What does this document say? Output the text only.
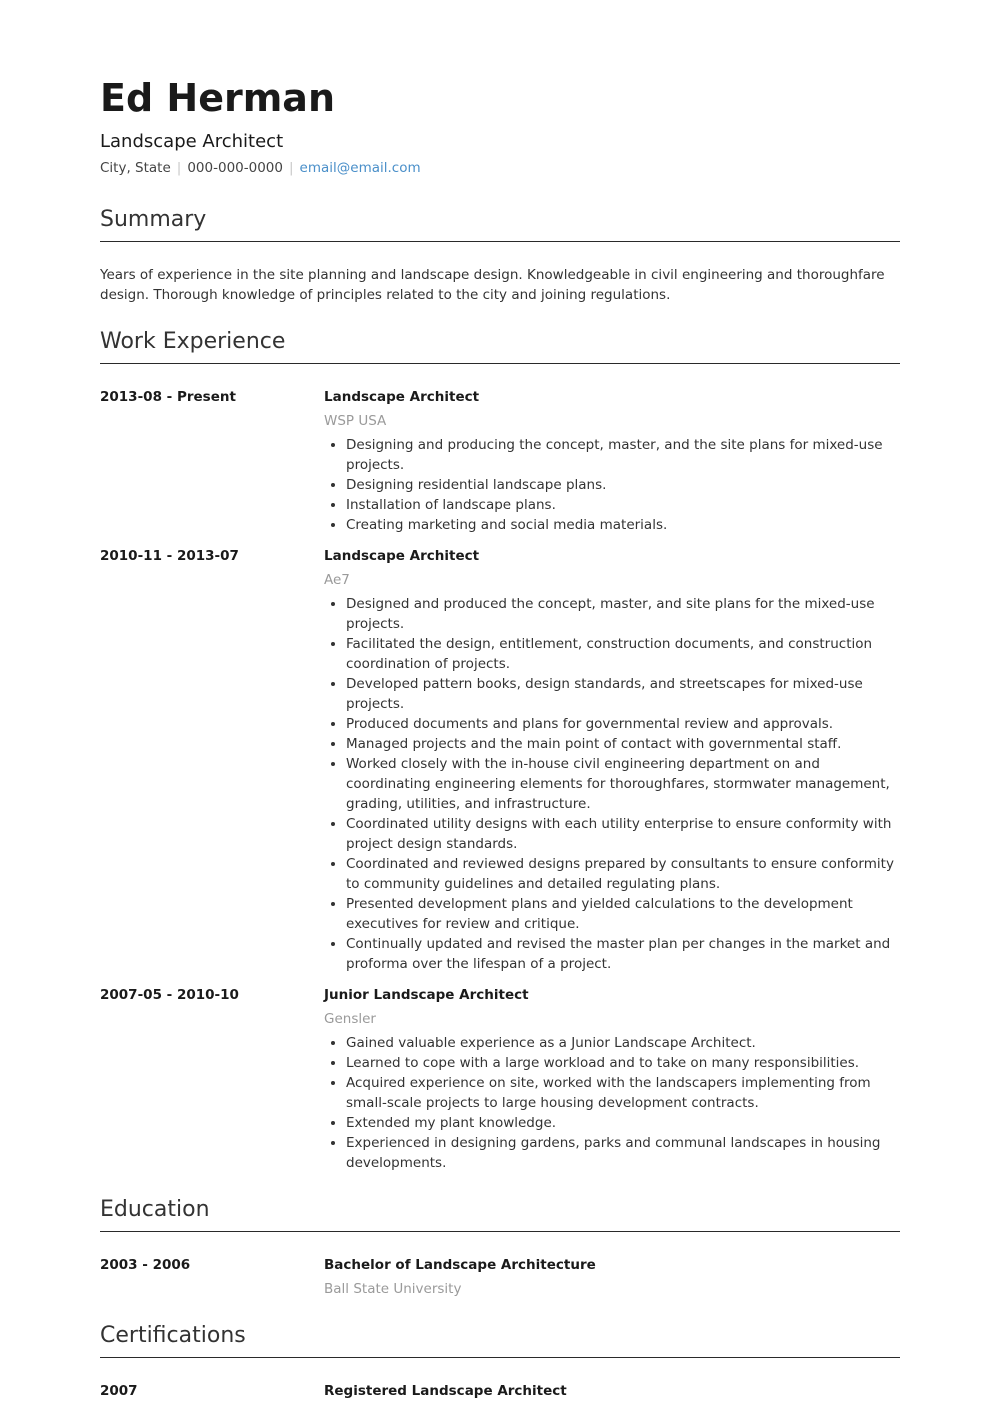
Ed Herman
Landscape Architect
City, State | 000-000-0000 | email@email.com
Summary
Years of experience in the site planning and landscape design. Knowledgeable in civil engineering and thoroughfare design. Thorough knowledge of principles related to the city and joining regulations.
Work Experience
2013-08 - Present	Landscape Architect
WSP USA
• Designing and producing the concept, master, and the site plans for mixed-use projects.
• Designing residential landscape plans.
• Installation of landscape plans.
• Creating marketing and social media materials.
2010-11 - 2013-07	Landscape Architect
Ae7
• Designed and produced the concept, master, and site plans for the mixed-use projects.
• Facilitated the design, entitlement, construction documents, and construction coordination of projects.
• Developed pattern books, design standards, and streetscapes for mixed-use projects.
• Produced documents and plans for governmental review and approvals.
• Managed projects and the main point of contact with governmental staff.
• Worked closely with the in-house civil engineering department on and coordinating engineering elements for thoroughfares, stormwater management, grading, utilities, and infrastructure.
• Coordinated utility designs with each utility enterprise to ensure conformity with project design standards.
• Coordinated and reviewed designs prepared by consultants to ensure conformity to community guidelines and detailed regulating plans.
• Presented development plans and yielded calculations to the development executives for review and critique.
• Continually updated and revised the master plan per changes in the market and proforma over the lifespan of a project.
2007-05 - 2010-10	Junior Landscape Architect
Gensler
• Gained valuable experience as a Junior Landscape Architect.
• Learned to cope with a large workload and to take on many responsibilities.
• Acquired experience on site, worked with the landscapers implementing from small-scale projects to large housing development contracts.
• Extended my plant knowledge.
• Experienced in designing gardens, parks and communal landscapes in housing developments.
Education
2003 - 2006	Bachelor of Landscape Architecture
Ball State University
Certifications
2007	Registered Landscape Architect
